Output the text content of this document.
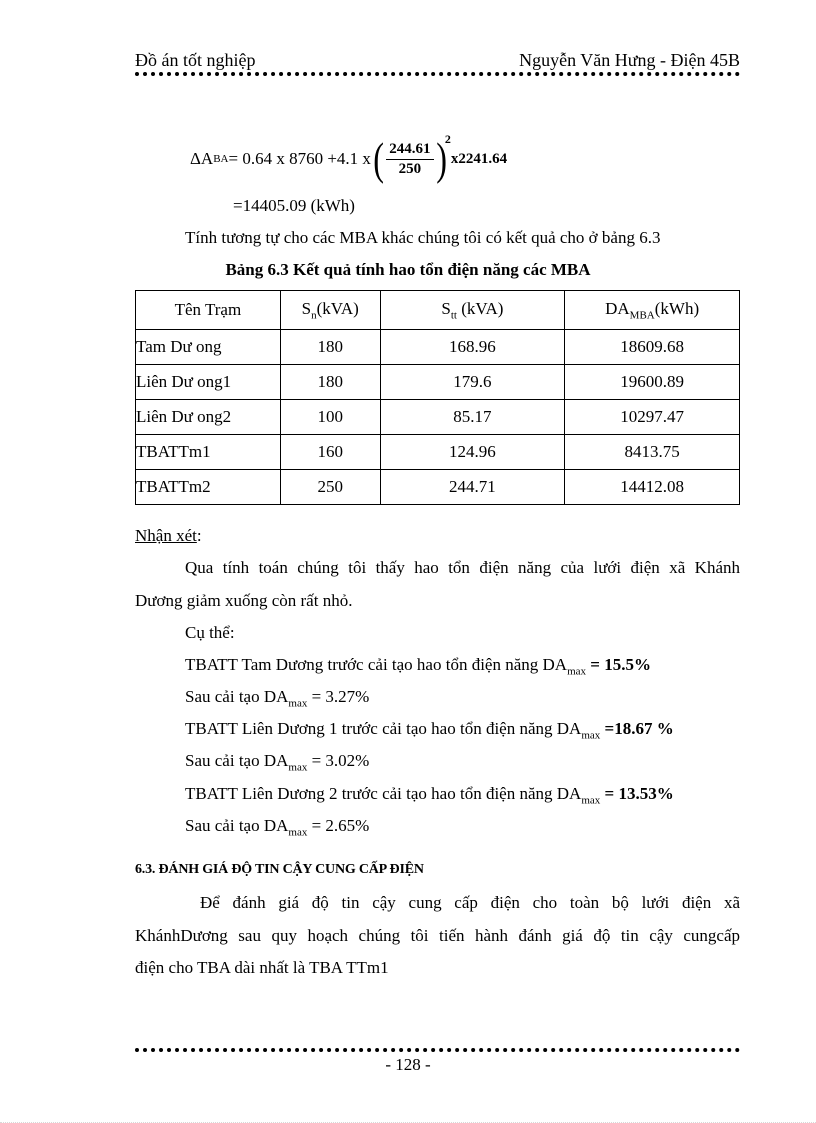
Đồ án tốt nghiệp	Nguyễn Văn Hưng - Điện 45B
ΔA BA = 0.64 x 8760 +4.1 x ( $\frac{244.61}{250}$ )
2
x2241.64
=14405.09 (kWh)
Tính tương tự cho các MBA khác chúng tôi có kết quả cho ở bảng 6.3
Bảng 6.3 Kết quả tính hao tổn điện năng các MBA
Tên Trạm	$S_n(kVA)$	$S_{tt}$ (kVA)	$DA_{MBA}(kWh)$
Tam Dư ong	180	168.96	18609.68
Liên Dư ong1	180	179.6	19600.89
Liên Dư ong2	100	85.17	10297.47
TBATTm1	160	124.96	8413.75
TBATTm2	250	244.71	14412.08
Nhận xét:
Qua tính toán chúng tôi thấy hao tổn điện năng của lưới điện xã Khánh
Dương giảm xuống còn rất nhỏ.
Cụ thể:
TBATT Tam Dương trước cải tạo hao tổn điện năng $DA_{max} = 15.5\%$
Sau cải tạo $DA_{max} = 3.27\%$
TBATT Liên Dương 1 trước cải tạo hao tổn điện năng $DA_{max} =18.67$ %
Sau cải tạo $DA_{max} = 3.02\%$
TBATT Liên Dương 2 trước cải tạo hao tổn điện năng $DA_{max} = 13.53\%$
Sau cải tạo $DA_{max} = 2.65\%$
6.3. ĐÁNH GIÁ ĐỘ TIN CẬY CUNG CẤP ĐIỆN
Để đánh giá độ tin cậy cung cấp điện cho toàn bộ lưới điện xã
KhánhDương sau quy hoạch chúng tôi tiến hành đánh giá độ tin cậy cungcấp
điện cho TBA dài nhất là TBA TTm1
- 128 -
